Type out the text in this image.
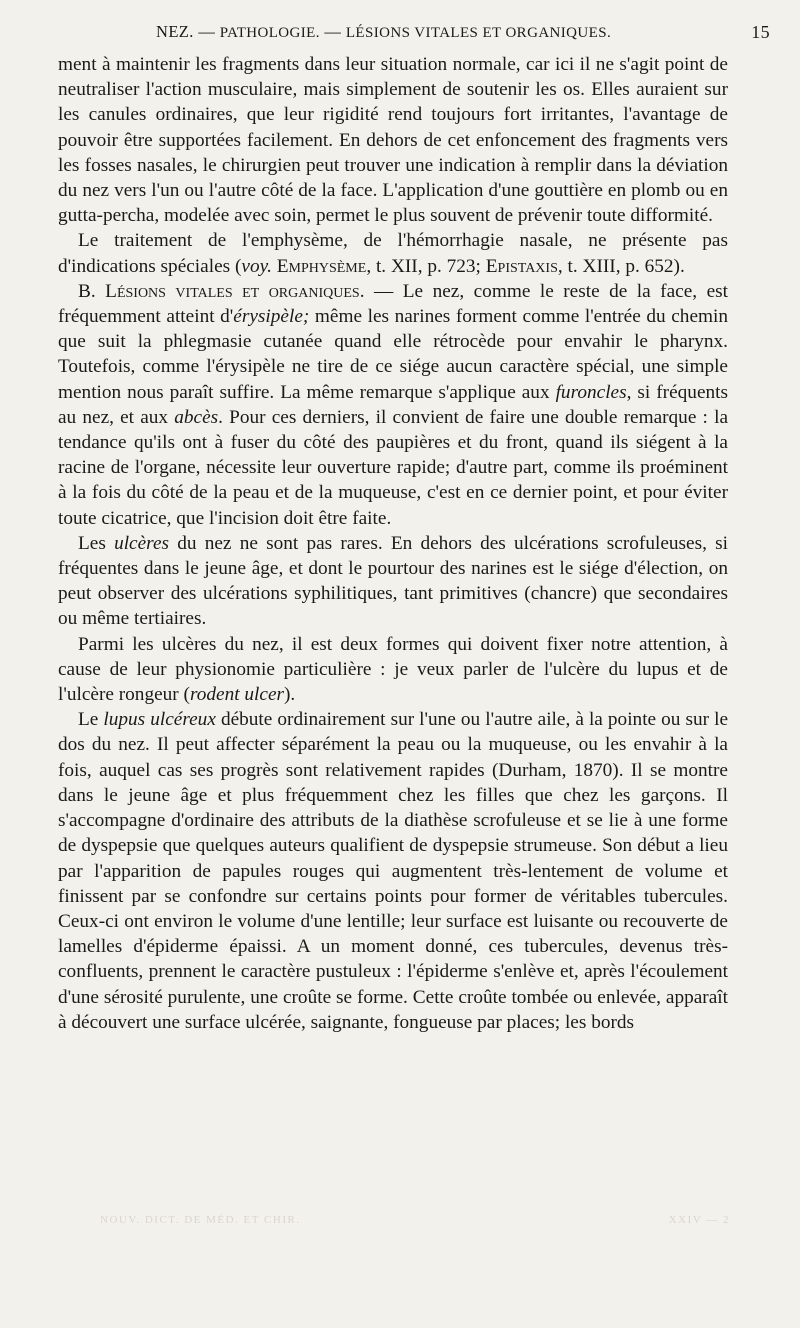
NEZ. — PATHOLOGIE. — LÉSIONS VITALES ET ORGANIQUES.	15

ment à maintenir les fragments dans leur situation normale, car ici il ne s'agit point de neutraliser l'action musculaire, mais simplement de soutenir les os. Elles auraient sur les canules ordinaires, que leur rigidité rend toujours fort irritantes, l'avantage de pouvoir être supportées facilement. En dehors de cet enfoncement des fragments vers les fosses nasales, le chirurgien peut trouver une indication à remplir dans la déviation du nez vers l'un ou l'autre côté de la face. L'application d'une gouttière en plomb ou en gutta-percha, modelée avec soin, permet le plus souvent de prévenir toute difformité.

Le traitement de l'emphysème, de l'hémorrhagie nasale, ne présente pas d'indications spéciales (voy. Emphysème, t. XII, p. 723; Epistaxis, t. XIII, p. 652).

B. Lésions vitales et organiques. — Le nez, comme le reste de la face, est fréquemment atteint d'érysipèle; même les narines forment comme l'entrée du chemin que suit la phlegmasie cutanée quand elle rétrocède pour envahir le pharynx. Toutefois, comme l'érysipèle ne tire de ce siége aucun caractère spécial, une simple mention nous paraît suffire. La même remarque s'applique aux furoncles, si fréquents au nez, et aux abcès. Pour ces derniers, il convient de faire une double remarque : la tendance qu'ils ont à fuser du côté des paupières et du front, quand ils siégent à la racine de l'organe, nécessite leur ouverture rapide; d'autre part, comme ils proéminent à la fois du côté de la peau et de la muqueuse, c'est en ce dernier point, et pour éviter toute cicatrice, que l'incision doit être faite.

Les ulcères du nez ne sont pas rares. En dehors des ulcérations scrofuleuses, si fréquentes dans le jeune âge, et dont le pourtour des narines est le siége d'élection, on peut observer des ulcérations syphilitiques, tant primitives (chancre) que secondaires ou même tertiaires.

Parmi les ulcères du nez, il est deux formes qui doivent fixer notre attention, à cause de leur physionomie particulière : je veux parler de l'ulcère du lupus et de l'ulcère rongeur (rodent ulcer).

Le lupus ulcéreux débute ordinairement sur l'une ou l'autre aile, à la pointe ou sur le dos du nez. Il peut affecter séparément la peau ou la muqueuse, ou les envahir à la fois, auquel cas ses progrès sont relativement rapides (Durham, 1870). Il se montre dans le jeune âge et plus fréquemment chez les filles que chez les garçons. Il s'accompagne d'ordinaire des attributs de la diathèse scrofuleuse et se lie à une forme de dyspepsie que quelques auteurs qualifient de dyspepsie strumeuse. Son début a lieu par l'apparition de papules rouges qui augmentent très-lentement de volume et finissent par se confondre sur certains points pour former de véritables tubercules. Ceux-ci ont environ le volume d'une lentille; leur surface est luisante ou recouverte de lamelles d'épiderme épaissi. A un moment donné, ces tubercules, devenus très-confluents, prennent le caractère pustuleux : l'épiderme s'enlève et, après l'écoulement d'une sérosité purulente, une croûte se forme. Cette croûte tombée ou enlevée, apparaît à découvert une surface ulcérée, saignante, fongueuse par places; les bords

NOUV. DICT. DE MÉD. ET CHIR.	XXIV — 2
